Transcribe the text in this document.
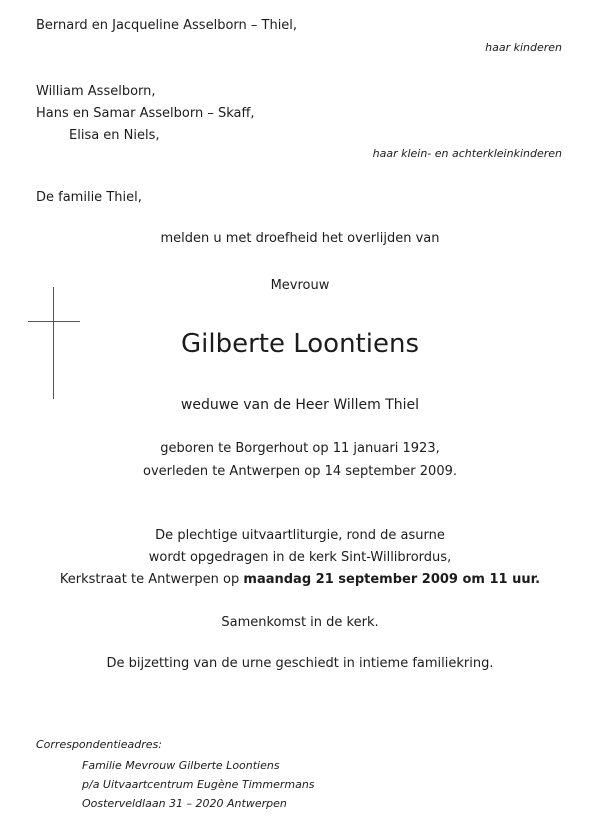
Bernard en Jacqueline Asselborn – Thiel,
haar kinderen
William Asselborn,
Hans en Samar Asselborn – Skaff,
Elisa en Niels,
haar klein- en achterkleinkinderen
De familie Thiel,
melden u met droefheid het overlijden van
Mevrouw
Gilberte Loontiens
weduwe van de Heer Willem Thiel
geboren te Borgerhout op 11 januari 1923,
overleden te Antwerpen op 14 september 2009.
De plechtige uitvaartliturgie, rond de asurne
wordt opgedragen in de kerk Sint-Willibrordus,
Kerkstraat te Antwerpen op maandag 21 september 2009 om 11 uur.
Samenkomst in de kerk.
De bijzetting van de urne geschiedt in intieme familiekring.
Correspondentieadres:
Familie Mevrouw Gilberte Loontiens
p/a Uitvaartcentrum Eugène Timmermans
Oosterveldlaan 31 – 2020 Antwerpen
